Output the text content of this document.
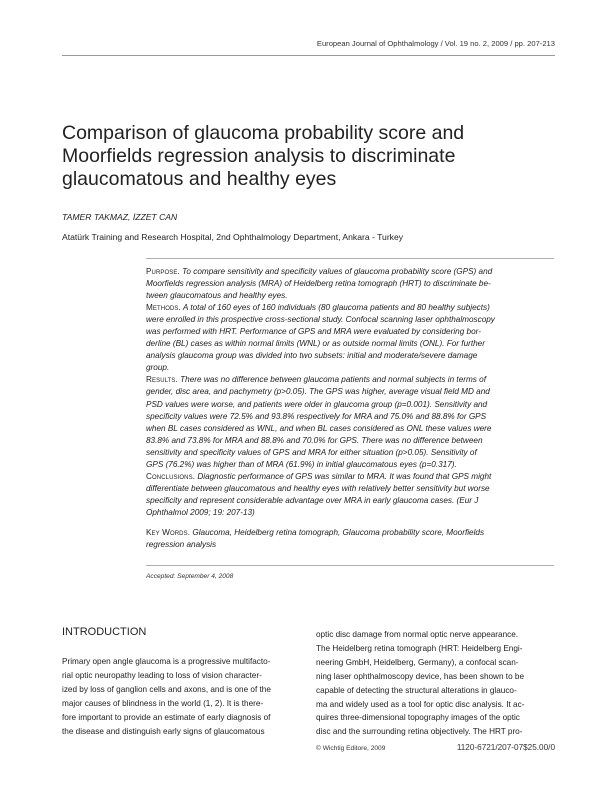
European Journal of Ophthalmology / Vol. 19 no. 2, 2009 / pp. 207-213
Comparison of glaucoma probability score and
Moorfields regression analysis to discriminate
glaucomatous and healthy eyes
TAMER TAKMAZ, İZZET CAN
Atatürk Training and Research Hospital, 2nd Ophthalmology Department, Ankara - Turkey
Purpose. To compare sensitivity and specificity values of glaucoma probability score (GPS) and
Moorfields regression analysis (MRA) of Heidelberg retina tomograph (HRT) to discriminate be-
tween glaucomatous and healthy eyes.
Methods. A total of 160 eyes of 160 individuals (80 glaucoma patients and 80 healthy subjects)
were enrolled in this prospective cross-sectional study. Confocal scanning laser ophthalmoscopy
was performed with HRT. Performance of GPS and MRA were evaluated by considering bor-
derline (BL) cases as within normal limits (WNL) or as outside normal limits (ONL). For further
analysis glaucoma group was divided into two subsets: initial and moderate/severe damage
group.
Results. There was no difference between glaucoma patients and normal subjects in terms of
gender, disc area, and pachymetry (p>0.05). The GPS was higher, average visual field MD and
PSD values were worse, and patients were older in glaucoma group (p=0.001). Sensitivity and
specificity values were 72.5% and 93.8% respectively for MRA and 75.0% and 88.8% for GPS
when BL cases considered as WNL, and when BL cases considered as ONL these values were
83.8% and 73.8% for MRA and 88.8% and 70.0% for GPS. There was no difference between
sensitivity and specificity values of GPS and MRA for either situation (p>0.05). Sensitivity of
GPS (76.2%) was higher than of MRA (61.9%) in initial glaucomatous eyes (p=0.317).
Conclusions. Diagnostic performance of GPS was similar to MRA. It was found that GPS might
differentiate between glaucomatous and healthy eyes with relatively better sensitivity but worse
specificity and represent considerable advantage over MRA in early glaucoma cases. (Eur J
Ophthalmol 2009; 19: 207-13)
Key Words. Glaucoma, Heidelberg retina tomograph, Glaucoma probability score, Moorfields
regression analysis
Accepted: September 4, 2008
INTRODUCTION
Primary open angle glaucoma is a progressive multifacto-
rial optic neuropathy leading to loss of vision character-
ized by loss of ganglion cells and axons, and is one of the
major causes of blindness in the world (1, 2). It is there-
fore important to provide an estimate of early diagnosis of
the disease and distinguish early signs of glaucomatous
optic disc damage from normal optic nerve appearance.
The Heidelberg retina tomograph (HRT: Heidelberg Engi-
neering GmbH, Heidelberg, Germany), a confocal scan-
ning laser ophthalmoscopy device, has been shown to be
capable of detecting the structural alterations in glauco-
ma and widely used as a tool for optic disc analysis. It ac-
quires three-dimensional topography images of the optic
disc and the surrounding retina objectively. The HRT pro-
© Wichtig Editore, 2009	1120-6721/207-07$25.00/0
